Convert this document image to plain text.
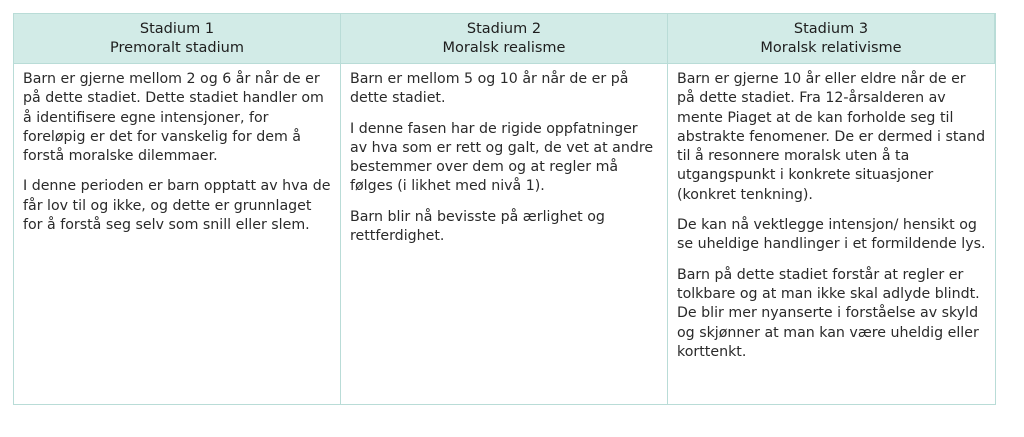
Stadium 1
Premoralt stadium
Stadium 2
Moralsk realisme
Stadium 3
Moralsk relativisme

Barn er gjerne mellom 2 og 6 år når de er på dette stadiet. Dette stadiet handler om å identifisere egne intensjoner, for foreløpig er det for vanskelig for dem å forstå moralske dilemmaer.

I denne perioden er barn opptatt av hva de får lov til og ikke, og dette er grunnlaget for å forstå seg selv som snill eller slem.

Barn er mellom 5 og 10 år når de er på dette stadiet.

I denne fasen har de rigide oppfatninger av hva som er rett og galt, de vet at andre bestemmer over dem og at regler må følges (i likhet med nivå 1).

Barn blir nå bevisste på ærlighet og rettferdighet.

Barn er gjerne 10 år eller eldre når de er på dette stadiet. Fra 12-årsalderen av mente Piaget at de kan forholde seg til abstrakte fenomener. De er dermed i stand til å resonnere moralsk uten å ta utgangspunkt i konkrete situasjoner (konkret tenkning).

De kan nå vektlegge intensjon/ hensikt og se uheldige handlinger i et formildende lys.

Barn på dette stadiet forstår at regler er tolkbare og at man ikke skal adlyde blindt. De blir mer nyanserte i forståelse av skyld og skjønner at man kan være uheldig eller korttenkt.
